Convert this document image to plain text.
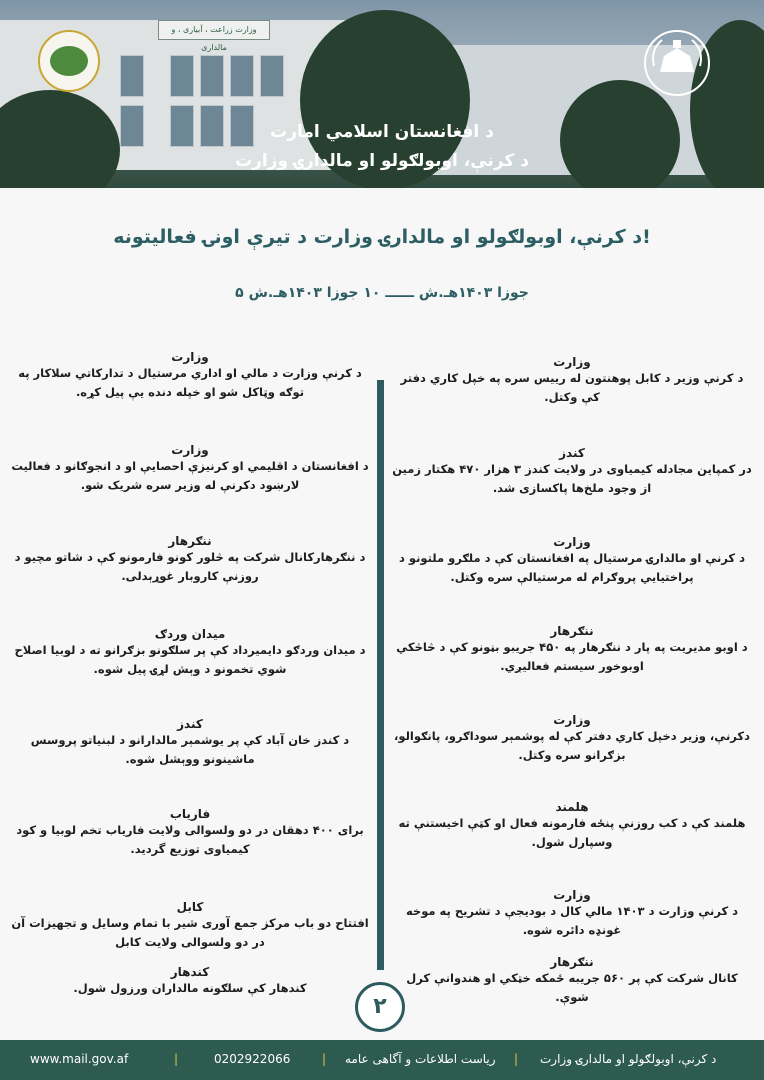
وزارت زراعت ، آبیاری ، و مالداری
د افغانستان اسلامي امارت
د کرنې، اوبولګولو او مالدارۍ وزارت
د کرنې، اوبولګولو او مالدارۍ وزارت د تیرې اونۍ فعالیتونه!
۵ جوزا ۱۴۰۳هـ.ش ــــــ ۱۰ جوزا ۱۴۰۳هـ.ش
وزارت
د کرنې وزیر د کابل پوهنتون له رییس سره په خپل کاري دفتر کې وکتل.
کندز
در کمپاین مجادله کیمیاوی در ولایت کندز ۳ هزار ۴۷۰ هکتار زمین از وجود ملخ‌ها پاکسازی شد.
وزارت
د کرنې او مالدارۍ مرستیال په افغانستان کې د ملګرو ملتونو د پراختیایي پروګرام له مرستیالې سره وکتل.
ننګرهار
د اوبو مدیریت په پار د ننګرهار په ۴۵۰ جریبو بڼونو کې د څاڅکي اوبوخور سیستم فعالیږي.
وزارت
دکرنې، وزیر دخپل کاري دفتر کې له پوشمېر سوداګرو، پانګوالو، بزګرانو سره وکتل.
هلمند
هلمند کې د کب روزنې پنځه فارمونه فعال او کټې اخیستنې ته وسپارل شول.
وزارت
د کرنې وزارت د ۱۴۰۳ مالي کال د بودیجې د تشریح په موخه غونډه دائره شوه.
ننګرهار
کانال شرکت کې پر ۵۶۰ جریبه ځمکه خټکي او هندوانې کرل شوې.
وزارت
د کرنې وزارت د مالي او اداري مرستیال د تدارکاتي سلاکار په توګه وټاکل شو او خپله دنده یې پیل کړه.
وزارت
د افغانستان د اقلیمي او کرنیزې احصایې او د انجوګانو د فعالیت لارښود دکرنې له وزیر سره شریک شو.
ننګرهار
د ننګرهارکانال شرکت په څلور کونو فارمونو کې د شاتو مچیو د روزنې کاروبار غوړېدلی.
میدان وردګ
د میدان وردګو دایمیرداد کې پر سلګونو بزګرانو ته د لوبیا اصلاح شوي تخمونو د وېش لړۍ پیل شوه.
کندز
د کندز خان آباد کې پر یوشمېر مالدارانو د لبنیاتو پروسس ماشینونو ووېشل شوه.
فاریاب
برای ۴۰۰ دهقان در دو ولسوالی ولایت فاریاب تخم لوبیا و کود کیمیاوی توزیع گردید.
کابل
افتتاح دو باب مرکز جمع آوری شیر با تمام وسایل و تجهیزات آن در دو ولسوالی ولایت کابل
کندهار
کندهار کې سلګونه مالداران ورزول شول.
۲
www.mail.gov.af	|	0202922066	| ریاست اطلاعات و آگاهی عامه | د کرنې، اوبولګولو او مالدارۍ وزارت
